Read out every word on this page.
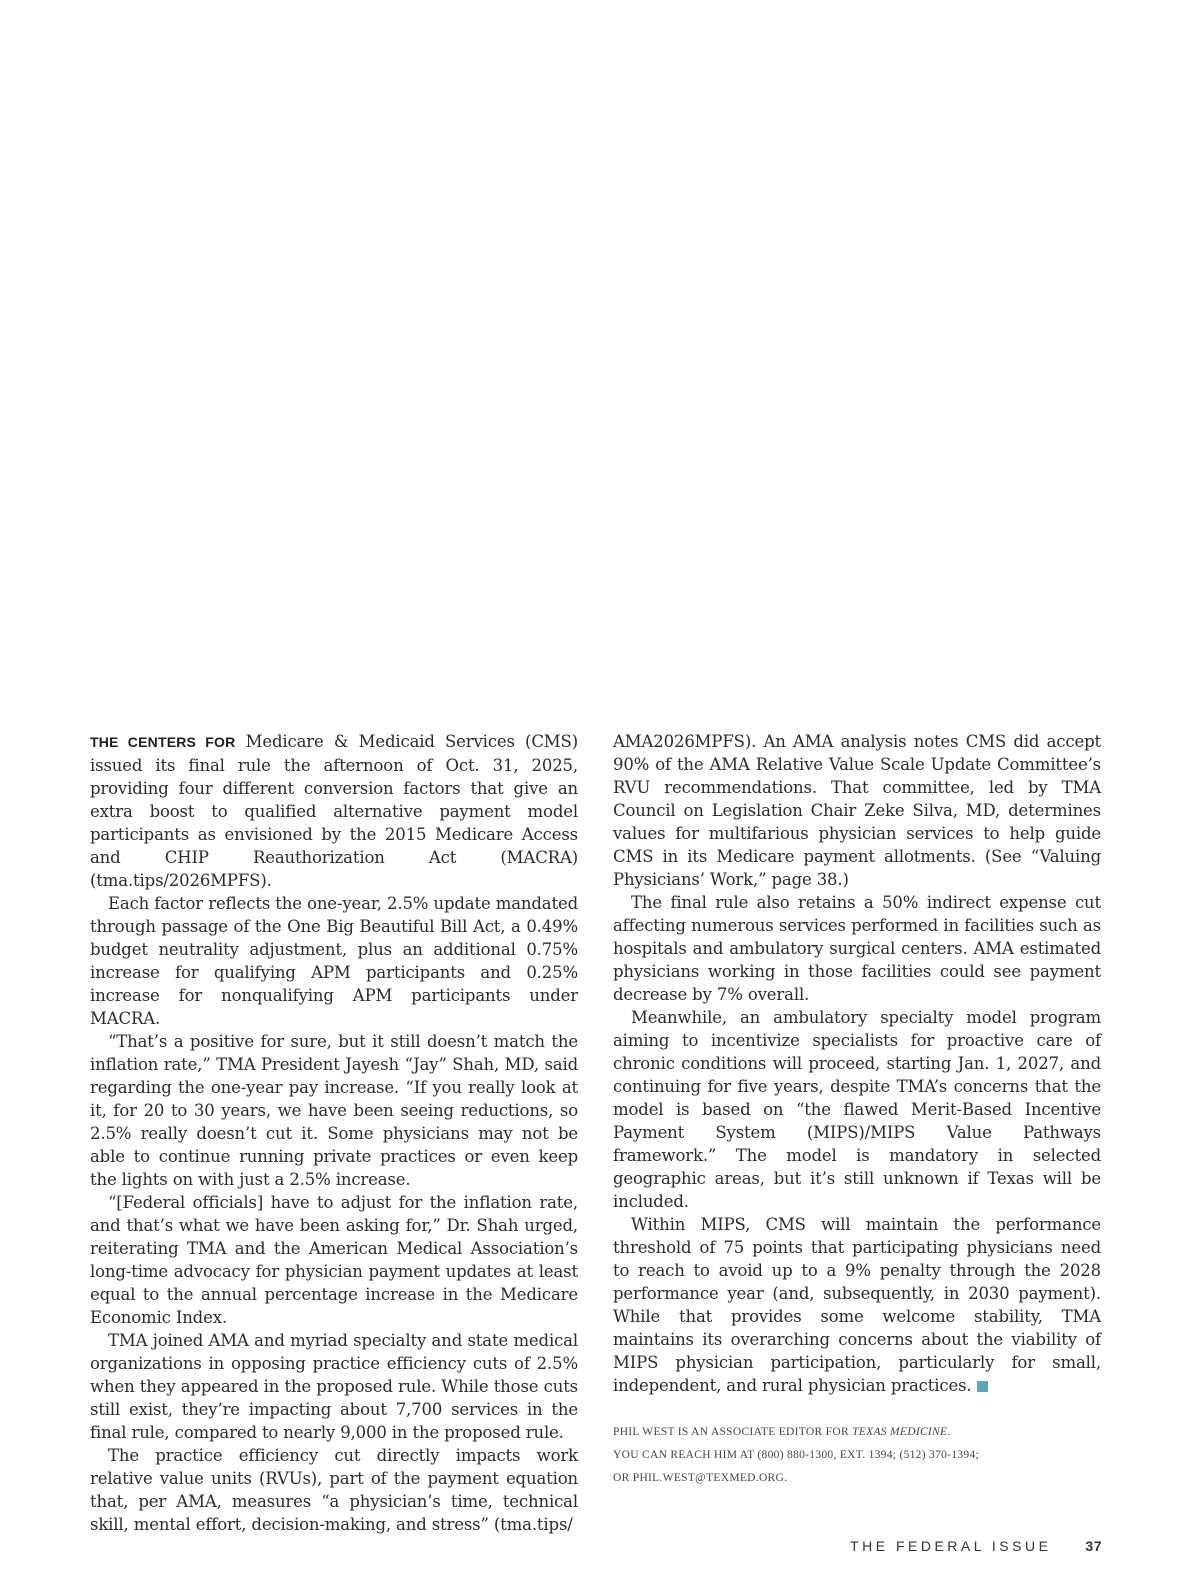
THE CENTERS FOR Medicare & Medicaid Services (CMS) issued its final rule the afternoon of Oct. 31, 2025, providing four different conversion factors that give an extra boost to qualified alternative payment model participants as envisioned by the 2015 Medicare Access and CHIP Reauthorization Act (MACRA) (tma.tips/2026MPFS).

Each factor reflects the one-year, 2.5% update mandated through passage of the One Big Beautiful Bill Act, a 0.49% budget neutrality adjustment, plus an additional 0.75% increase for qualifying APM participants and 0.25% increase for nonqualifying APM participants under MACRA.

“That’s a positive for sure, but it still doesn’t match the inflation rate,” TMA President Jayesh “Jay” Shah, MD, said regarding the one-year pay increase. “If you really look at it, for 20 to 30 years, we have been seeing reductions, so 2.5% really doesn’t cut it. Some physicians may not be able to continue running private practices or even keep the lights on with just a 2.5% increase.

“[Federal officials] have to adjust for the inflation rate, and that’s what we have been asking for,” Dr. Shah urged, reiterating TMA and the American Medical Association’s long-time advocacy for physician payment updates at least equal to the annual percentage increase in the Medicare Economic Index.

TMA joined AMA and myriad specialty and state medical organizations in opposing practice efficiency cuts of 2.5% when they appeared in the proposed rule. While those cuts still exist, they’re impacting about 7,700 services in the final rule, compared to nearly 9,000 in the proposed rule.

The practice efficiency cut directly impacts work relative value units (RVUs), part of the payment equation that, per AMA, measures “a physician’s time, technical skill, mental effort, decision-making, and stress” (tma.tips/

AMA2026MPFS). An AMA analysis notes CMS did accept 90% of the AMA Relative Value Scale Update Committee’s RVU recommendations. That committee, led by TMA Council on Legislation Chair Zeke Silva, MD, determines values for multifarious physician services to help guide CMS in its Medicare payment allotments. (See “Valuing Physicians’ Work,” page 38.)

The final rule also retains a 50% indirect expense cut affecting numerous services performed in facilities such as hospitals and ambulatory surgical centers. AMA estimated physicians working in those facilities could see payment decrease by 7% overall.

Meanwhile, an ambulatory specialty model program aiming to incentivize specialists for proactive care of chronic conditions will proceed, starting Jan. 1, 2027, and continuing for five years, despite TMA’s concerns that the model is based on “the flawed Merit-Based Incentive Payment System (MIPS)/MIPS Value Pathways framework.” The model is mandatory in selected geographic areas, but it’s still unknown if Texas will be included.

Within MIPS, CMS will maintain the performance threshold of 75 points that participating physicians need to reach to avoid up to a 9% penalty through the 2028 performance year (and, subsequently, in 2030 payment). While that provides some welcome stability, TMA maintains its overarching concerns about the viability of MIPS physician participation, particularly for small, independent, and rural physician practices.

PHIL WEST IS AN ASSOCIATE EDITOR FOR TEXAS MEDICINE.
YOU CAN REACH HIM AT (800) 880-1300, EXT. 1394; (512) 370-1394;
OR PHIL.WEST@TEXMED.ORG.
THE FEDERAL ISSUE 37
